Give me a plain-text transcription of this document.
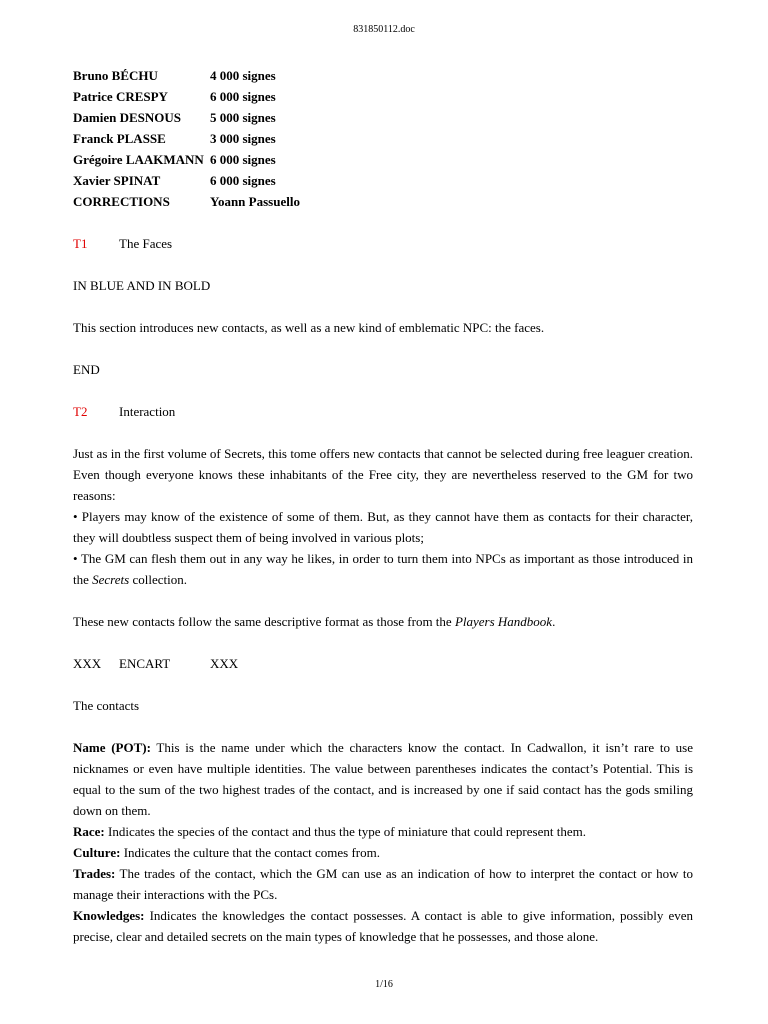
831850112.doc
Bruno BÉCHU	4 000 signes
Patrice CRESPY	6 000 signes
Damien DESNOUS	5 000 signes
Franck PLASSE	3 000 signes
Grégoire LAAKMANN 6 000 signes
Xavier SPINAT	6 000 signes
CORRECTIONS	Yoann Passuello
T1	The Faces

IN BLUE AND IN BOLD

This section introduces new contacts, as well as a new kind of emblematic NPC: the faces.

END

T2	Interaction

Just as in the first volume of Secrets, this tome offers new contacts that cannot be selected during free leaguer creation. Even though everyone knows these inhabitants of the Free city, they are nevertheless reserved to the GM for two reasons:

• Players may know of the existence of some of them. But, as they cannot have them as contacts for their character, they will doubtless suspect them of being involved in various plots;

• The GM can flesh them out in any way he likes, in order to turn them into NPCs as important as those introduced in the Secrets collection.

These new contacts follow the same descriptive format as those from the Players Handbook.

XXX	ENCART	XXX

The contacts

Name (POT): This is the name under which the characters know the contact. In Cadwallon, it isn’t rare to use nicknames or even have multiple identities. The value between parentheses indicates the contact’s Potential. This is equal to the sum of the two highest trades of the contact, and is increased by one if said contact has the gods smiling down on them.

Race: Indicates the species of the contact and thus the type of miniature that could represent them.

Culture: Indicates the culture that the contact comes from.

Trades: The trades of the contact, which the GM can use as an indication of how to interpret the contact or how to manage their interactions with the PCs.

Knowledges: Indicates the knowledges the contact possesses. A contact is able to give information, possibly even precise, clear and detailed secrets on the main types of knowledge that he possesses, and those alone.

1/16
